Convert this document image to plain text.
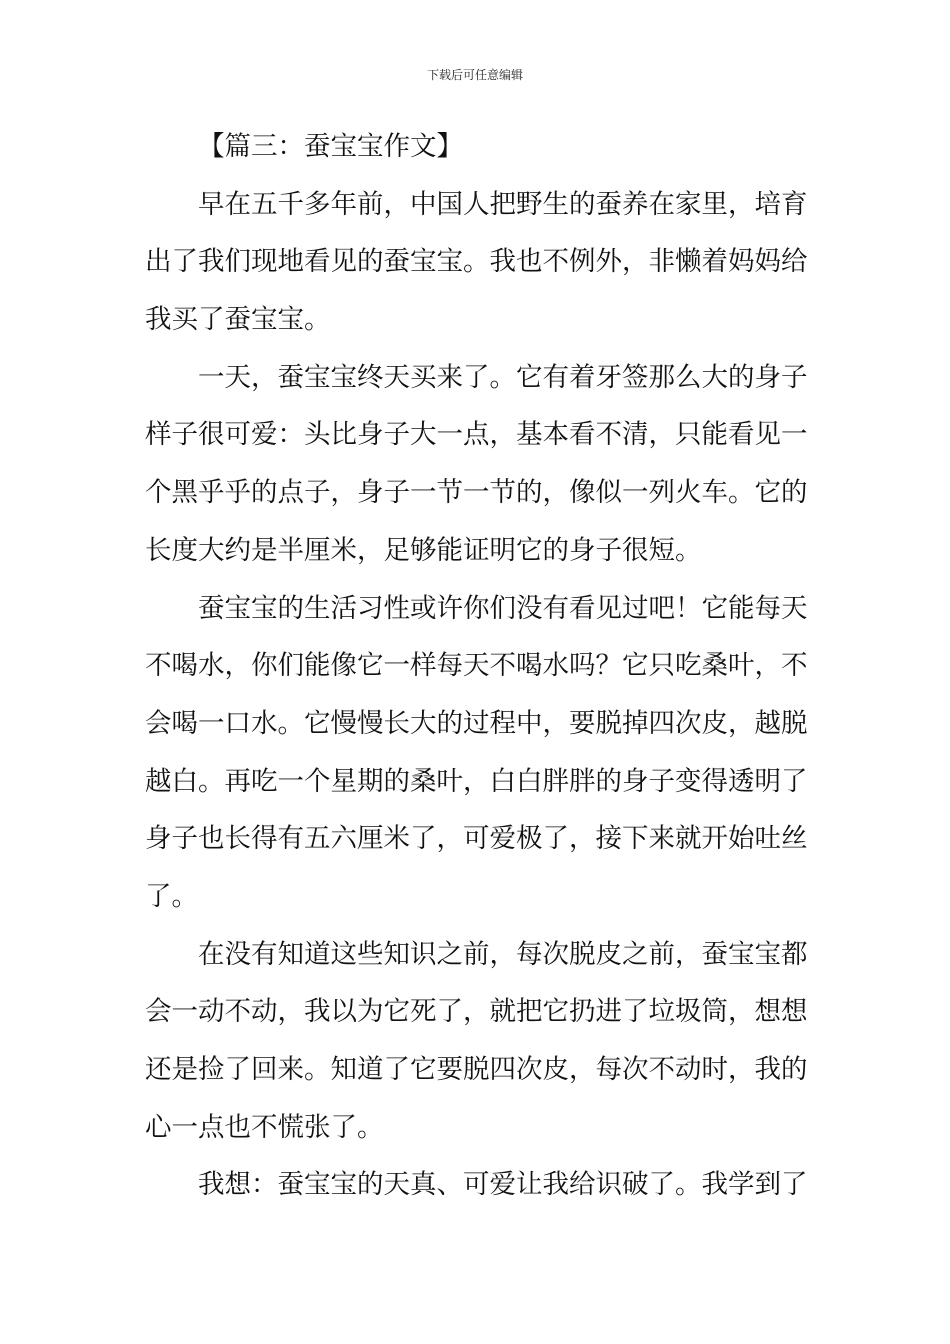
下载后可任意编辑
【篇三：蚕宝宝作文】
早在五千多年前，中国人把野生的蚕养在家里，培育
出了我们现地看见的蚕宝宝。我也不例外，非懒着妈妈给
我买了蚕宝宝。
一天，蚕宝宝终天买来了。它有着牙签那么大的身子
样子很可爱：头比身子大一点，基本看不清，只能看见一
个黑乎乎的点子，身子一节一节的，像似一列火车。它的
长度大约是半厘米，足够能证明它的身子很短。
蚕宝宝的生活习性或许你们没有看见过吧！它能每天
不喝水，你们能像它一样每天不喝水吗？它只吃桑叶，不
会喝一口水。它慢慢长大的过程中，要脱掉四次皮，越脱
越白。再吃一个星期的桑叶，白白胖胖的身子变得透明了
身子也长得有五六厘米了，可爱极了，接下来就开始吐丝
了。
在没有知道这些知识之前，每次脱皮之前，蚕宝宝都
会一动不动，我以为它死了，就把它扔进了垃圾筒，想想
还是捡了回来。知道了它要脱四次皮，每次不动时，我的
心一点也不慌张了。
我想：蚕宝宝的天真、可爱让我给识破了。我学到了
